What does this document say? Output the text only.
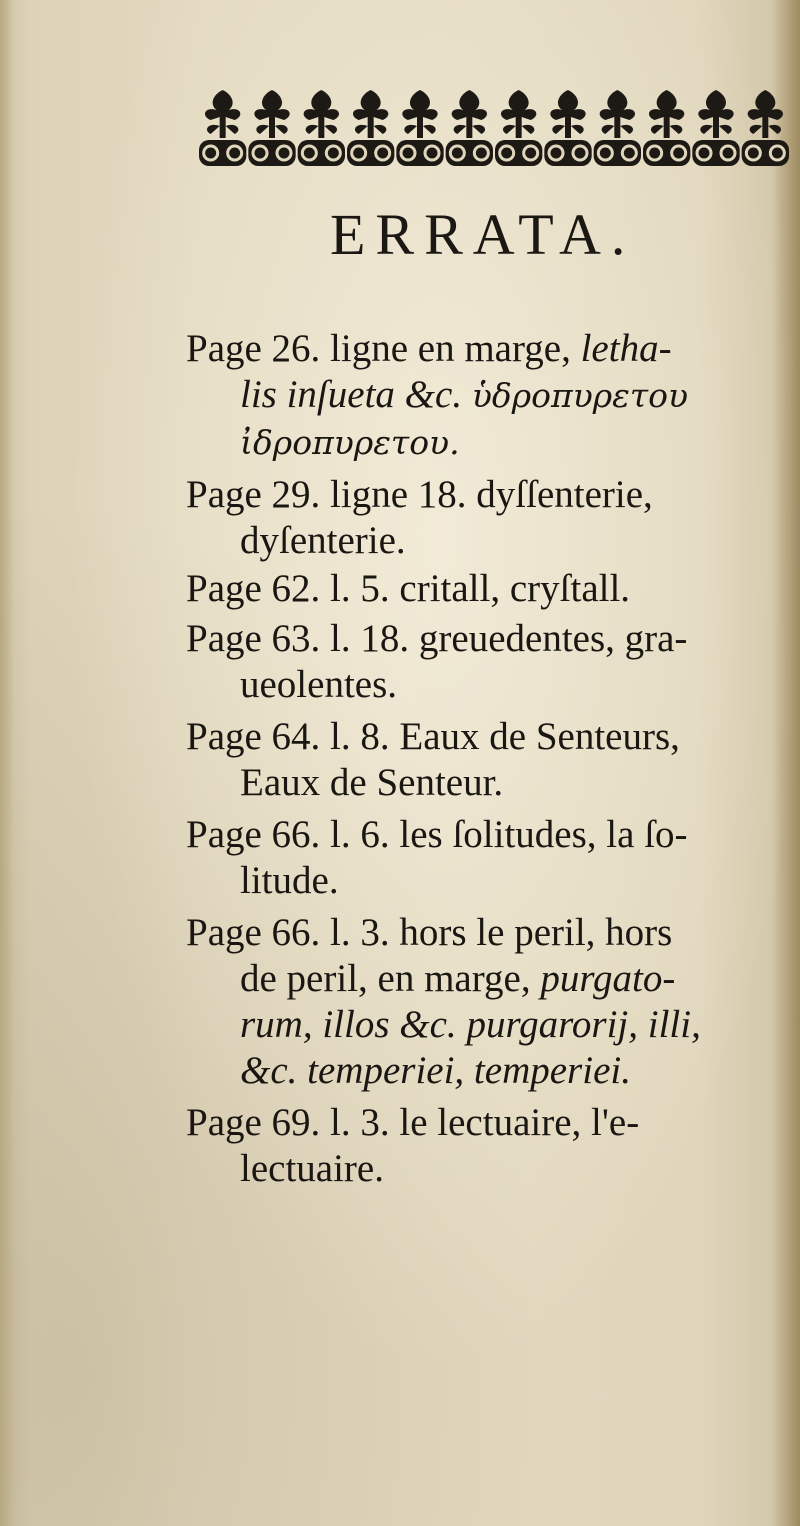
ERRATA.
Page 26. ligne en marge, letha-
lis inſueta &c. ὑδροπυρετου
ἰδροπυρετου.
Page 29. ligne 18. dyſſenterie,
dyſenterie.
Page 62. l. 5. critall, cryſtall.
Page 63. l. 18. greuedentes, gra-
ueolentes.
Page 64. l. 8. Eaux de Senteurs,
Eaux de Senteur.
Page 66. l. 6. les ſolitudes, la ſo-
litude.
Page 66. l. 3. hors le peril, hors
de peril, en marge, purgato-
rum, illos &c. purgarorij, illi,
&c. temperiei, temperiei.
Page 69. l. 3. le lectuaire, l'e-
lectuaire.
